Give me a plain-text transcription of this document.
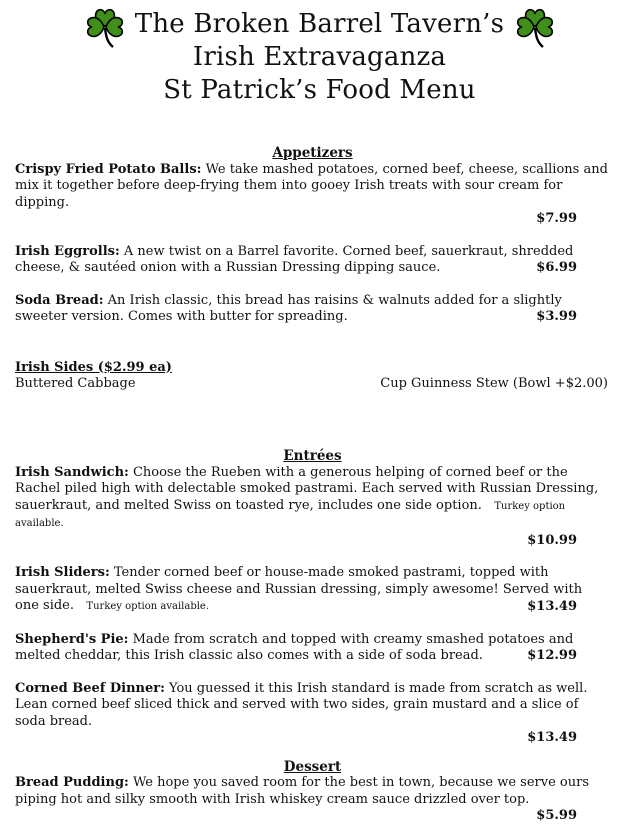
The Broken Barrel Tavern’s
Irish Extravaganza
St Patrick’s Food Menu
Appetizers

Crispy Fried Potato Balls: We take mashed potatoes, corned beef, cheese, scallions and mix it together before deep-frying them into gooey Irish treats with sour cream for dipping.

$7.99

Irish Eggrolls: A new twist on a Barrel favorite. Corned beef, sauerkraut, shredded cheese, & sautéed onion with a Russian Dressing dipping sauce.	$6.99

Soda Bread: An Irish classic, this bread has raisins & walnuts added for a slightly sweeter version. Comes with butter for spreading.	$3.99
Irish Sides ($2.99 ea)
Buttered Cabbage	Cup Guinness Stew (Bowl +$2.00)
Entrées

Irish Sandwich: Choose the Rueben with a generous helping of corned beef or the Rachel piled high with delectable smoked pastrami. Each served with Russian Dressing, sauerkraut, and melted Swiss on toasted rye, includes one side option. Turkey option available.

$10.99

Irish Sliders: Tender corned beef or house-made smoked pastrami, topped with sauerkraut, melted Swiss cheese and Russian dressing, simply awesome! Served with one side. Turkey option available.	$13.49

Shepherd's Pie: Made from scratch and topped with creamy smashed potatoes and melted cheddar, this Irish classic also comes with a side of soda bread.	$12.99

Corned Beef Dinner: You guessed it this Irish standard is made from scratch as well. Lean corned beef sliced thick and served with two sides, grain mustard and a slice of soda bread.

$13.49
Dessert

Bread Pudding: We hope you saved room for the best in town, because we serve ours piping hot and silky smooth with Irish whiskey cream sauce drizzled over top.

$5.99
